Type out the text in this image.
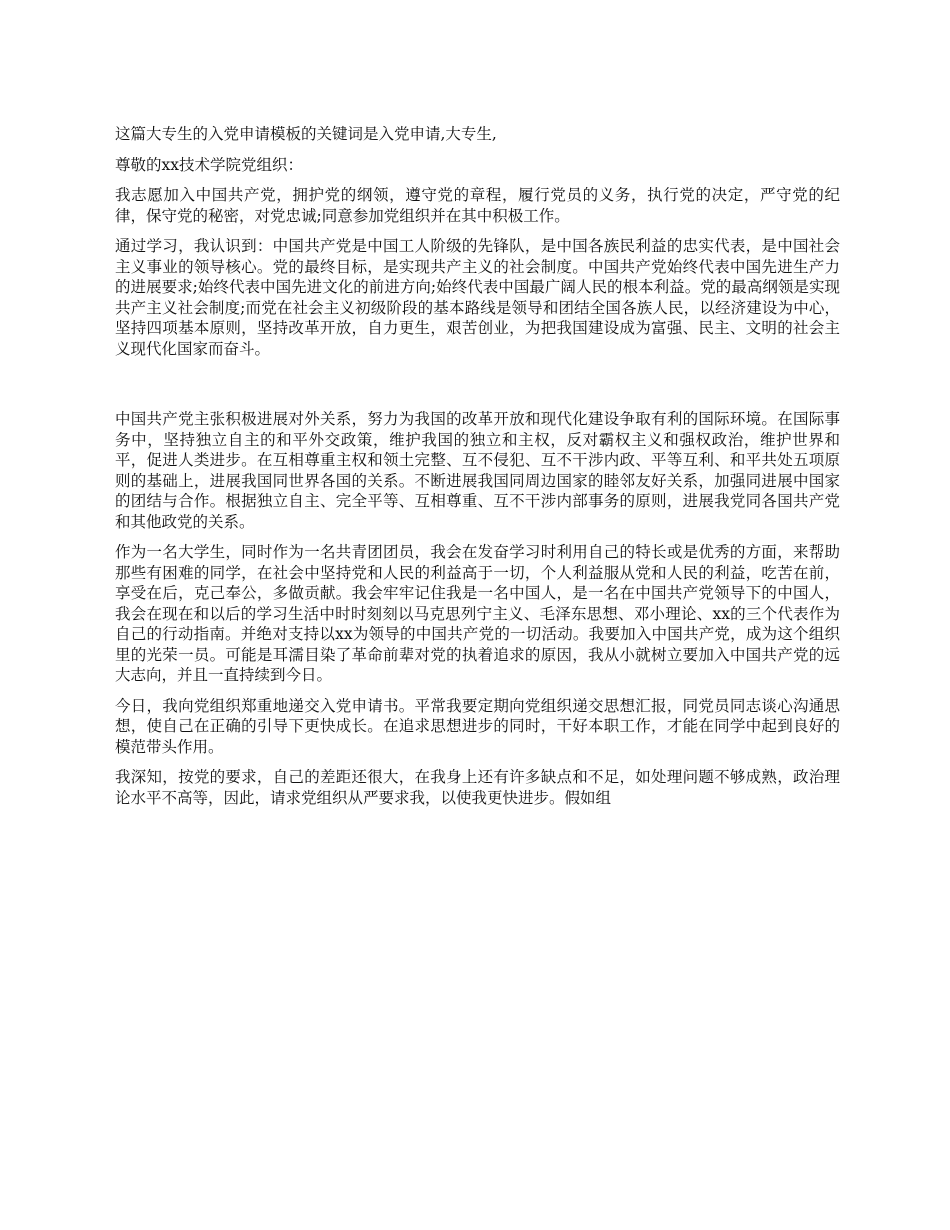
这篇大专生的入党申请模板的关键词是入党申请,大专生,

尊敬的xx技术学院党组织：

我志愿加入中国共产党，拥护党的纲领，遵守党的章程，履行党员的义务，执行党的决定，严守党的纪律，保守党的秘密，对党忠诚;同意参加党组织并在其中积极工作。

通过学习，我认识到：中国共产党是中国工人阶级的先锋队，是中国各族民利益的忠实代表，是中国社会主义事业的领导核心。党的最终目标，是实现共产主义的社会制度。中国共产党始终代表中国先进生产力的进展要求;始终代表中国先进文化的前进方向;始终代表中国最广阔人民的根本利益。党的最高纲领是实现共产主义社会制度;而党在社会主义初级阶段的基本路线是领导和团结全国各族人民，以经济建设为中心，坚持四项基本原则，坚持改革开放，自力更生，艰苦创业，为把我国建设成为富强、民主、文明的社会主义现代化国家而奋斗。

中国共产党主张积极进展对外关系，努力为我国的改革开放和现代化建设争取有利的国际环境。在国际事务中，坚持独立自主的和平外交政策，维护我国的独立和主权，反对霸权主义和强权政治，维护世界和平，促进人类进步。在互相尊重主权和领土完整、互不侵犯、互不干涉内政、平等互利、和平共处五项原则的基础上，进展我国同世界各国的关系。不断进展我国同周边国家的睦邻友好关系，加强同进展中国家的团结与合作。根据独立自主、完全平等、互相尊重、互不干涉内部事务的原则，进展我党同各国共产党和其他政党的关系。

作为一名大学生，同时作为一名共青团团员，我会在发奋学习时利用自己的特长或是优秀的方面，来帮助那些有困难的同学，在社会中坚持党和人民的利益高于一切，个人利益服从党和人民的利益，吃苦在前，享受在后，克己奉公，多做贡献。我会牢牢记住我是一名中国人，是一名在中国共产党领导下的中国人，我会在现在和以后的学习生活中时时刻刻以马克思列宁主义、毛泽东思想、邓小理论、xx的三个代表作为自己的行动指南。并绝对支持以xx为领导的中国共产党的一切活动。我要加入中国共产党，成为这个组织里的光荣一员。可能是耳濡目染了革命前辈对党的执着追求的原因，我从小就树立要加入中国共产党的远大志向，并且一直持续到今日。

今日，我向党组织郑重地递交入党申请书。平常我要定期向党组织递交思想汇报，同党员同志谈心沟通思想，使自己在正确的引导下更快成长。在追求思想进步的同时，干好本职工作，才能在同学中起到良好的模范带头作用。

我深知，按党的要求，自己的差距还很大，在我身上还有许多缺点和不足，如处理问题不够成熟，政治理论水平不高等，因此，请求党组织从严要求我，以使我更快进步。假如组
